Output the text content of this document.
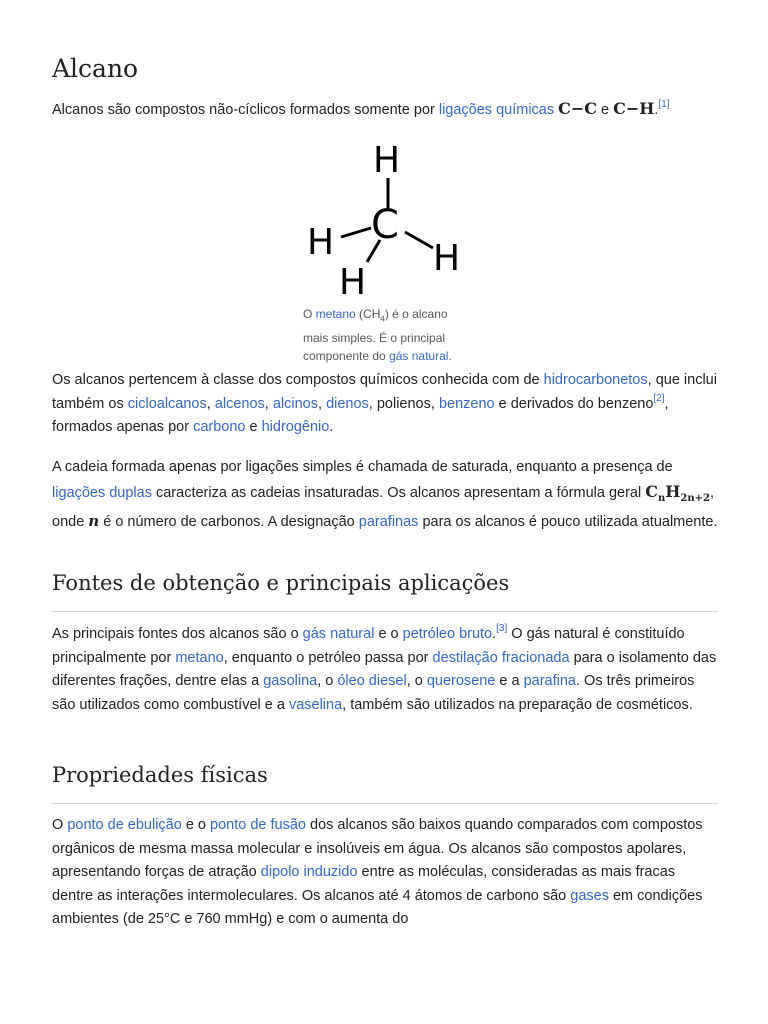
Alcano

Alcanos são compostos não-cíclicos formados somente por ligações químicas C−C e C−H.[1]

H
H C
H
H
O metano $(CH_4)$ é o alcano mais simples. É o principal componente do gás natural.

Os alcanos pertencem à classe dos compostos químicos conhecida com de hidrocarbonetos, que inclui também os cicloalcanos, alcenos, alcinos, dienos, polienos, benzeno e derivados do benzeno[2], formados apenas por carbono e hidrogênio.

A cadeia formada apenas por ligações simples é chamada de saturada, enquanto a presença de ligações duplas caracteriza as cadeias insaturadas. Os alcanos apresentam a fórmula geral $C_nH_{2n+2}$, onde n é o número de carbonos. A designação parafinas para os alcanos é pouco utilizada atualmente.

Fontes de obtenção e principais aplicações

As principais fontes dos alcanos são o gás natural e o petróleo bruto.[3] O gás natural é constituído principalmente por metano, enquanto o petróleo passa por destilação fracionada para o isolamento das diferentes frações, dentre elas a gasolina, o óleo diesel, o querosene e a parafina. Os três primeiros são utilizados como combustível e a vaselina, também são utilizados na preparação de cosméticos.

Propriedades físicas

O ponto de ebulição e o ponto de fusão dos alcanos são baixos quando comparados com compostos orgânicos de mesma massa molecular e insolúveis em água. Os alcanos são compostos apolares, apresentando forças de atração dipolo induzido entre as moléculas, consideradas as mais fracas dentre as interações intermoleculares. Os alcanos até 4 átomos de carbono são gases em condições ambientes (de 25°C e 760 mmHg) e com o aumenta do
